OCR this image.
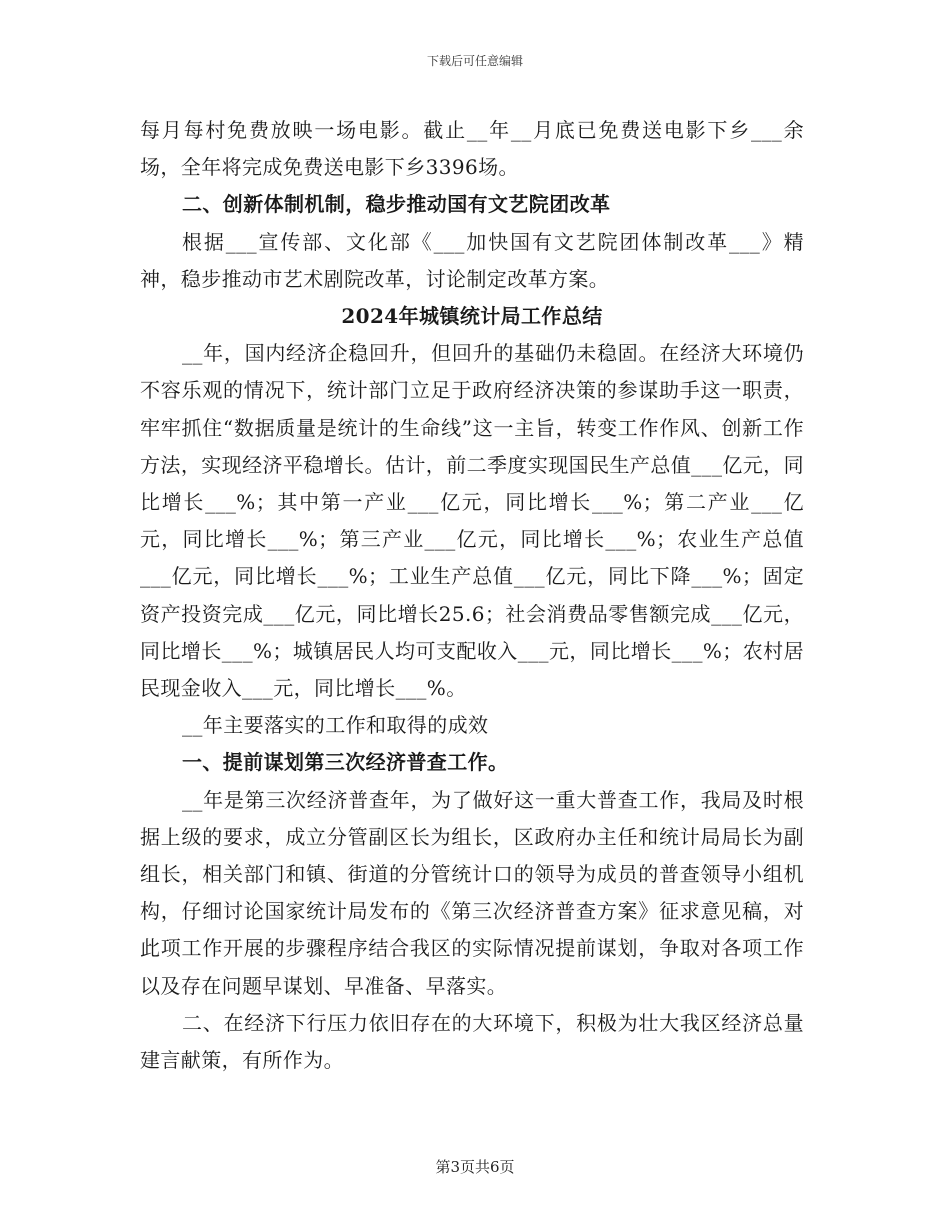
下载后可任意编辑

每月每村免费放映一场电影。截止__年__月底已免费送电影下乡___余场，全年将完成免费送电影下乡3396场。

二、创新体制机制，稳步推动国有文艺院团改革

根据___宣传部、文化部《___加快国有文艺院团体制改革___》精神，稳步推动市艺术剧院改革，讨论制定改革方案。

2024年城镇统计局工作总结

__年，国内经济企稳回升，但回升的基础仍未稳固。在经济大环境仍不容乐观的情况下，统计部门立足于政府经济决策的参谋助手这一职责，牢牢抓住“数据质量是统计的生命线”这一主旨，转变工作作风、创新工作方法，实现经济平稳增长。估计，前二季度实现国民生产总值___亿元，同比增长___%；其中第一产业___亿元，同比增长___%；第二产业___亿元，同比增长___%；第三产业___亿元，同比增长___%；农业生产总值___亿元，同比增长___%；工业生产总值___亿元，同比下降___%；固定资产投资完成___亿元，同比增长25.6；社会消费品零售额完成___亿元，同比增长___%；城镇居民人均可支配收入___元，同比增长___%；农村居民现金收入___元，同比增长___%。

__年主要落实的工作和取得的成效

一、提前谋划第三次经济普查工作。

__年是第三次经济普查年，为了做好这一重大普查工作，我局及时根据上级的要求，成立分管副区长为组长，区政府办主任和统计局局长为副组长，相关部门和镇、街道的分管统计口的领导为成员的普查领导小组机构，仔细讨论国家统计局发布的《第三次经济普查方案》征求意见稿，对此项工作开展的步骤程序结合我区的实际情况提前谋划，争取对各项工作以及存在问题早谋划、早准备、早落实。

二、在经济下行压力依旧存在的大环境下，积极为壮大我区经济总量建言献策，有所作为。

第3页共6页
